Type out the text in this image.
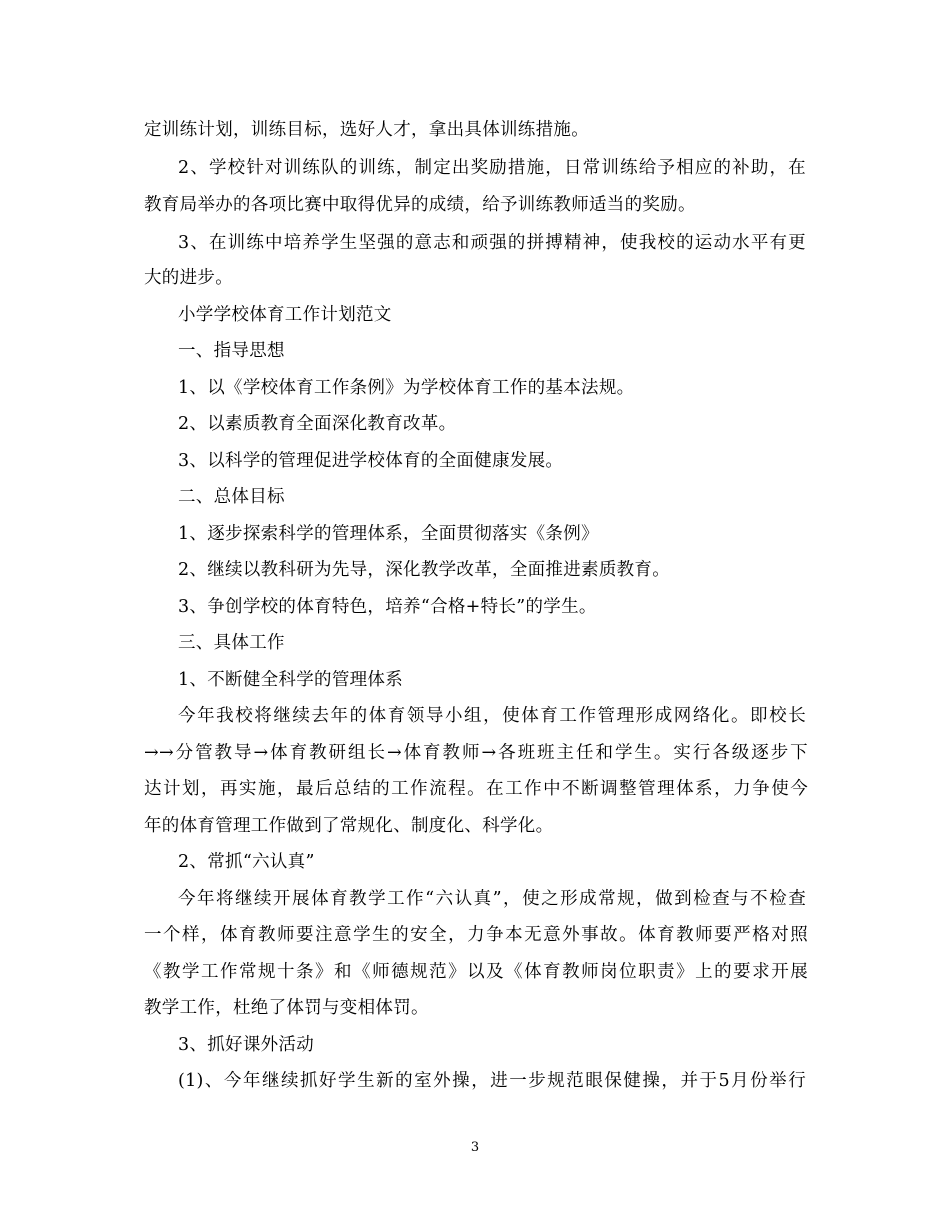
定训练计划，训练目标，选好人才，拿出具体训练措施。
2、学校针对训练队的训练，制定出奖励措施，日常训练给予相应的补助，在
教育局举办的各项比赛中取得优异的成绩，给予训练教师适当的奖励。
3、在训练中培养学生坚强的意志和顽强的拼搏精神，使我校的运动水平有更
大的进步。
小学学校体育工作计划范文
一、指导思想
1、以《学校体育工作条例》为学校体育工作的基本法规。
2、以素质教育全面深化教育改革。
3、以科学的管理促进学校体育的全面健康发展。
二、总体目标
1、逐步探索科学的管理体系，全面贯彻落实《条例》
2、继续以教科研为先导，深化教学改革，全面推进素质教育。
3、争创学校的体育特色，培养“合格+特长”的学生。
三、具体工作
1、不断健全科学的管理体系
今年我校将继续去年的体育领导小组，使体育工作管理形成网络化。即校长
→→分管教导→体育教研组长→体育教师→各班班主任和学生。实行各级逐步下
达计划，再实施，最后总结的工作流程。在工作中不断调整管理体系，力争使今
年的体育管理工作做到了常规化、制度化、科学化。
2、常抓“六认真”
今年将继续开展体育教学工作“六认真”，使之形成常规，做到检查与不检查
一个样，体育教师要注意学生的安全，力争本无意外事故。体育教师要严格对照
《教学工作常规十条》和《师德规范》以及《体育教师岗位职责》上的要求开展
教学工作，杜绝了体罚与变相体罚。
3、抓好课外活动
(1)、今年继续抓好学生新的室外操，进一步规范眼保健操，并于5月份举行
3
